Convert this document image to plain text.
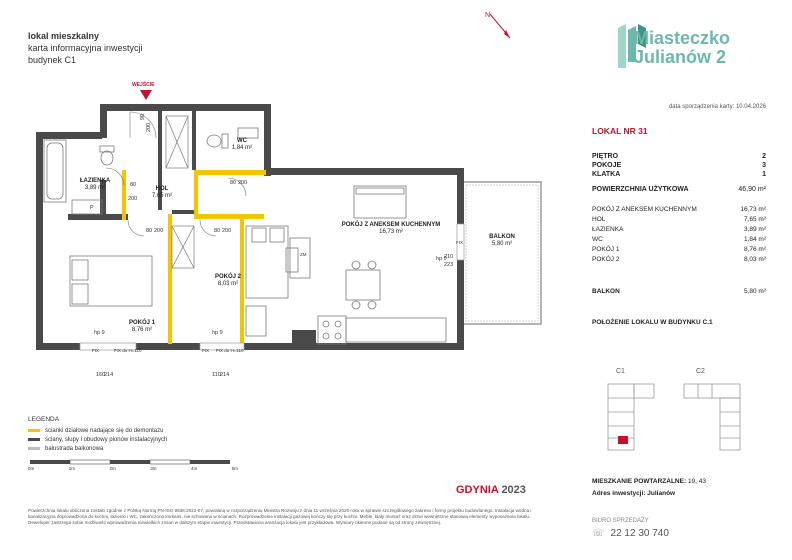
lokal mieszkalny
karta informacyjna inwestycji
budynek C1
N
Miasteczko
Julianów 2
data sporządzenia karty: 10.04.2026
LOKAL NR 31
PIĘTRO	2
POKOJE	3
KLATKA	1
POWIERZCHNIA UŻYTKOWA	46,90 m²
POKÓJ Z ANEKSEM KUCHENNYM	16,73 m²
HOL	7,65 m²
ŁAZIENKA	3,89 m²
WC	1,84 m²
POKÓJ 1	8,76 m²
POKÓJ 2	8,03 m²
BALKON	5,80 m²
POŁOŻENIE LOKALU W BUDYNKU C.1
C1	C2
MIESZKANIE POWTARZALNE: 19, 43
Adres inwestycji: Julianów
BIURO SPRZEDAŻY
☏ 22 12 30 740
WEJŚCIE
WC
1,84 m²
ŁAZIENKA
3,89 m²	HOL
7,65 m²
POKÓJ 1
8,76 m²
POKÓJ 2
8,03 m²
POKÓJ Z ANEKSEM KUCHENNYM
16,73 m²
BALKON
5,80 m²
90
200
80
200
80 200
80 200	80 200
210
223
hp 0
FIX
hp 9	hp 9
FIX	FIX do H=110	FIX FIX do H=110
160
214	110 214
ZM
P
LEGENDA
ścianki działowe nadające się do demontażu
ściany, słupy i obudowy pionów instalacyjnych
balustrada balkonowa
0m	1m	2m	3m	4m	5m
GDYNIA 2023
Powierzchnia lokalu obliczona zostało zgodnie z Polską Normą PN-ISO 9836:2022-07, powołaną w rozporządzeniu Ministra Rozwoju z dnia 11 września 2020 roku w sprawie szczegółowego zakresu i formy projektu budowlanego. Instalacja wodna i kanalizacyjna doprowadzona do kuchni, łazienki i WC, zakończona korkami, nie schowana w ścianach. Rozprowadzenie instalacji gazowej kończy się przy kuchni. Meble, biały montaż oraz drzwi wewnętrzne stanowią elementy wyposażenia lokalu. Deweloper zastrzega sobie możliwość wprowadzenia niewielkich zmian w dalszym etapie inwestycji. Przedstawiona aranżacja lokalu jest przykładowa. Wymiary okienne podane są od strony zewnętrznej.
